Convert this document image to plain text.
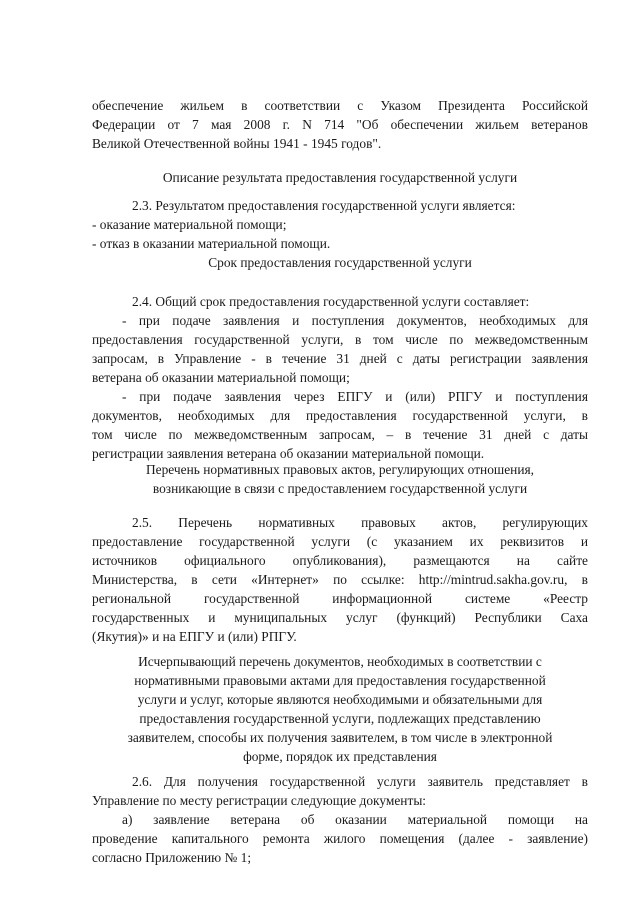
обеспечение жильем в соответствии с Указом Президента Российской
Федерации от 7 мая 2008 г. N 714 "Об обеспечении жильем ветеранов
Великой Отечественной войны 1941 - 1945 годов".
Описание результата предоставления государственной услуги
2.3. Результатом предоставления государственной услуги является:
- оказание материальной помощи;
- отказ в оказании материальной помощи.
Срок предоставления государственной услуги
2.4. Общий срок предоставления государственной услуги составляет:
- при подаче заявления и поступления документов, необходимых для
предоставления государственной услуги, в том числе по межведомственным
запросам, в Управление - в течение 31 дней с даты регистрации заявления
ветерана об оказании материальной помощи;
- при подаче заявления через ЕПГУ и (или) РПГУ и поступления
документов, необходимых для предоставления государственной услуги, в
том числе по межведомственным запросам, – в течение 31 дней с даты
регистрации заявления ветерана об оказании материальной помощи.
Перечень нормативных правовых актов, регулирующих отношения,
возникающие в связи с предоставлением государственной услуги
2.5. Перечень нормативных правовых актов, регулирующих
предоставление государственной услуги (с указанием их реквизитов и
источников официального опубликования), размещаются на сайте
Министерства, в сети «Интернет» по ссылке: http://mintrud.sakha.gov.ru, в
региональной государственной информационной системе «Реестр
государственных и муниципальных услуг (функций) Республики Саха
(Якутия)» и на ЕПГУ и (или) РПГУ.
Исчерпывающий перечень документов, необходимых в соответствии с
нормативными правовыми актами для предоставления государственной
услуги и услуг, которые являются необходимыми и обязательными для
предоставления государственной услуги, подлежащих представлению
заявителем, способы их получения заявителем, в том числе в электронной
форме, порядок их представления
2.6. Для получения государственной услуги заявитель представляет в
Управление по месту регистрации следующие документы:
а) заявление ветерана об оказании материальной помощи на
проведение капитального ремонта жилого помещения (далее - заявление)
согласно Приложению № 1;
